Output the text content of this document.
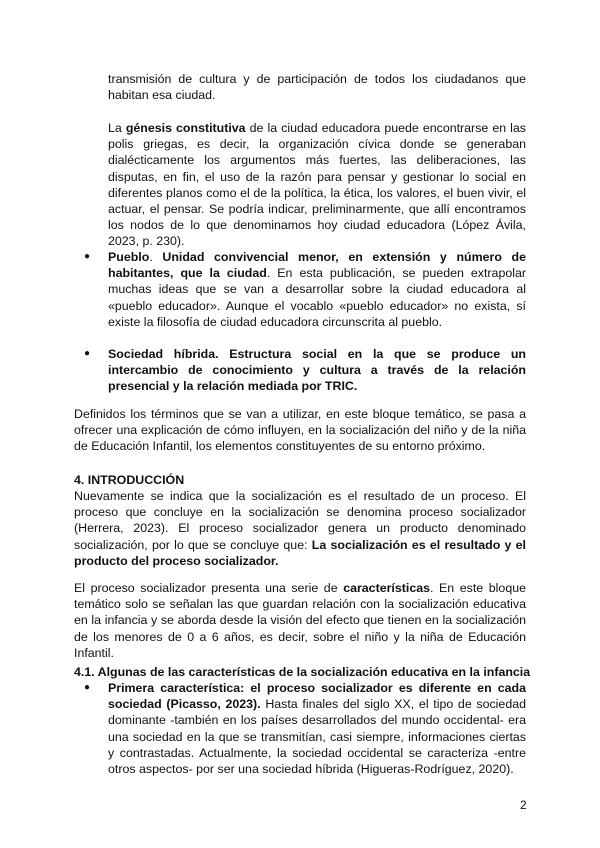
transmisión de cultura y de participación de todos los ciudadanos que habitan esa ciudad.
La génesis constitutiva de la ciudad educadora puede encontrarse en las polis griegas, es decir, la organización cívica donde se generaban dialécticamente los argumentos más fuertes, las deliberaciones, las disputas, en fin, el uso de la razón para pensar y gestionar lo social en diferentes planos como el de la política, la ética, los valores, el buen vivir, el actuar, el pensar. Se podría indicar, preliminarmente, que allí encontramos los nodos de lo que denominamos hoy ciudad educadora (López Ávila, 2023, p. 230).
● Pueblo. Unidad convivencial menor, en extensión y número de habitantes, que la ciudad. En esta publicación, se pueden extrapolar muchas ideas que se van a desarrollar sobre la ciudad educadora al «pueblo educador». Aunque el vocablo «pueblo educador» no exista, sí existe la filosofía de ciudad educadora circunscrita al pueblo.
● Sociedad híbrida. Estructura social en la que se produce un intercambio de conocimiento y cultura a través de la relación presencial y la relación mediada por TRIC.
Definidos los términos que se van a utilizar, en este bloque temático, se pasa a ofrecer una explicación de cómo influyen, en la socialización del niño y de la niña de Educación Infantil, los elementos constituyentes de su entorno próximo.
4. INTRODUCCIÓN
Nuevamente se indica que la socialización es el resultado de un proceso. El proceso que concluye en la socialización se denomina proceso socializador (Herrera, 2023). El proceso socializador genera un producto denominado socialización, por lo que se concluye que: La socialización es el resultado y el producto del proceso socializador.
El proceso socializador presenta una serie de características. En este bloque temático solo se señalan las que guardan relación con la socialización educativa en la infancia y se aborda desde la visión del efecto que tienen en la socialización de los menores de 0 a 6 años, es decir, sobre el niño y la niña de Educación Infantil.
4.1. Algunas de las características de la socialización educativa en la infancia
● Primera característica: el proceso socializador es diferente en cada sociedad (Picasso, 2023). Hasta finales del siglo XX, el tipo de sociedad dominante -también en los países desarrollados del mundo occidental- era una sociedad en la que se transmitían, casi siempre, informaciones ciertas y contrastadas. Actualmente, la sociedad occidental se caracteriza -entre otros aspectos- por ser una sociedad híbrida (Higueras-Rodríguez, 2020).
2
